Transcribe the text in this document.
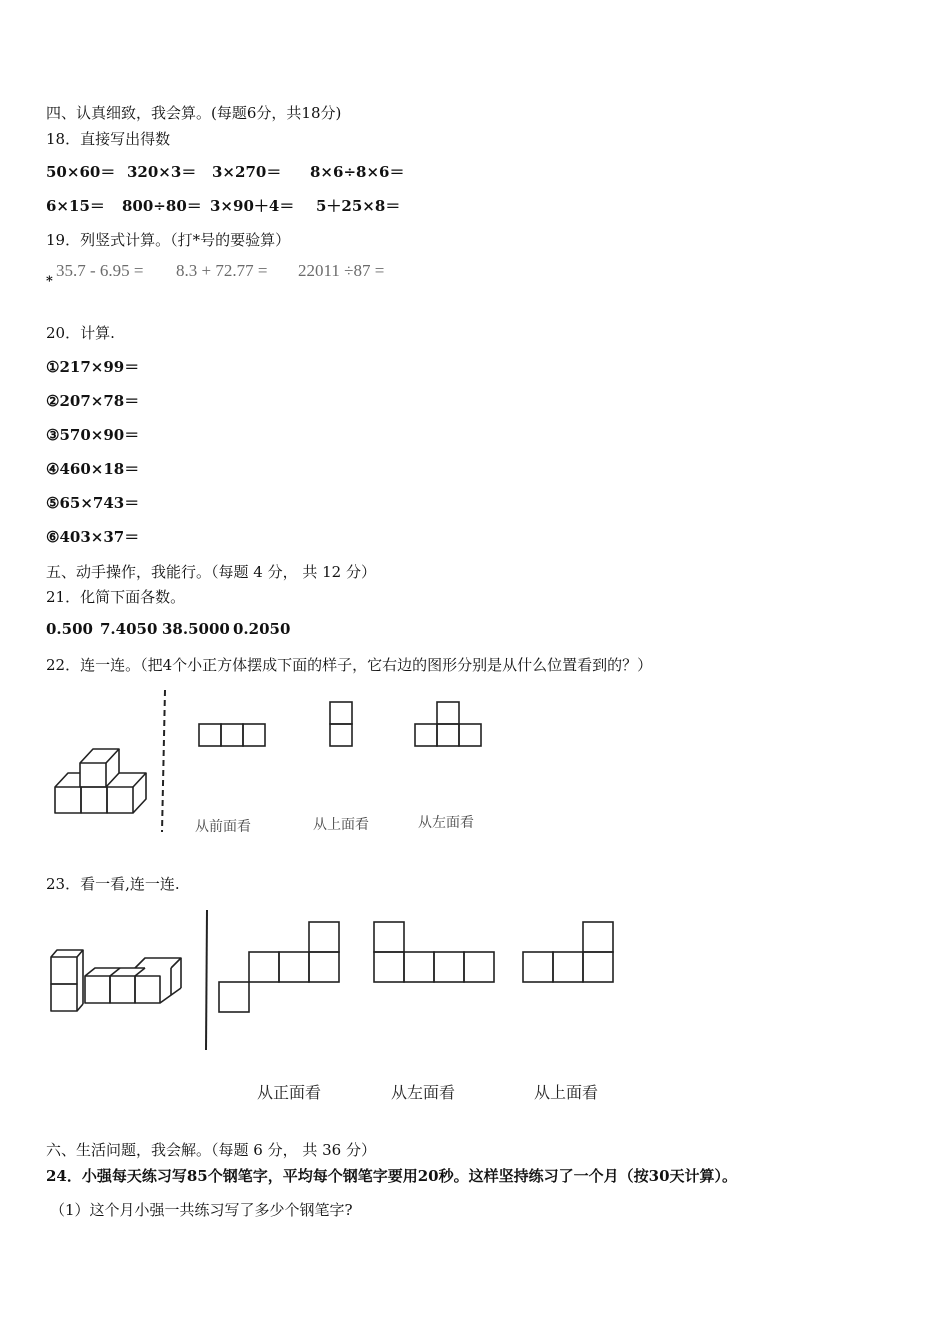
四、认真细致，我会算。(每题6分，共18分)
18．直接写出得数
50×60＝ 320×3＝ 3×270＝ 8×6÷8×6＝
6×15＝ 800÷80＝ 3×90＋4＝ 5＋25×8＝
19．列竖式计算。（打*号的要验算）
*
35.7 - 6.95 = 8.3 + 72.77 = 22011 ÷87 =
20．计算.
①217×99＝
②207×78＝
③570×90＝
④460×18＝
⑤65×743＝
⑥403×37＝
五、动手操作，我能行。（每题 4 分， 共 12 分）
21．化简下面各数。
0.500 7.4050 38.5000 0.2050
22．连一连。（把4个小正方体摆成下面的样子，它右边的图形分别是从什么位置看到的？）
从前面看	从上面看	从左面看
23．看一看,连一连.
从正面看	从左面看	从上面看
六、生活问题，我会解。（每题 6 分， 共 36 分）
24．小强每天练习写85个钢笔字，平均每个钢笔字要用20秒。这样坚持练习了一个月（按30天计算）。
（1）这个月小强一共练习写了多少个钢笔字?
